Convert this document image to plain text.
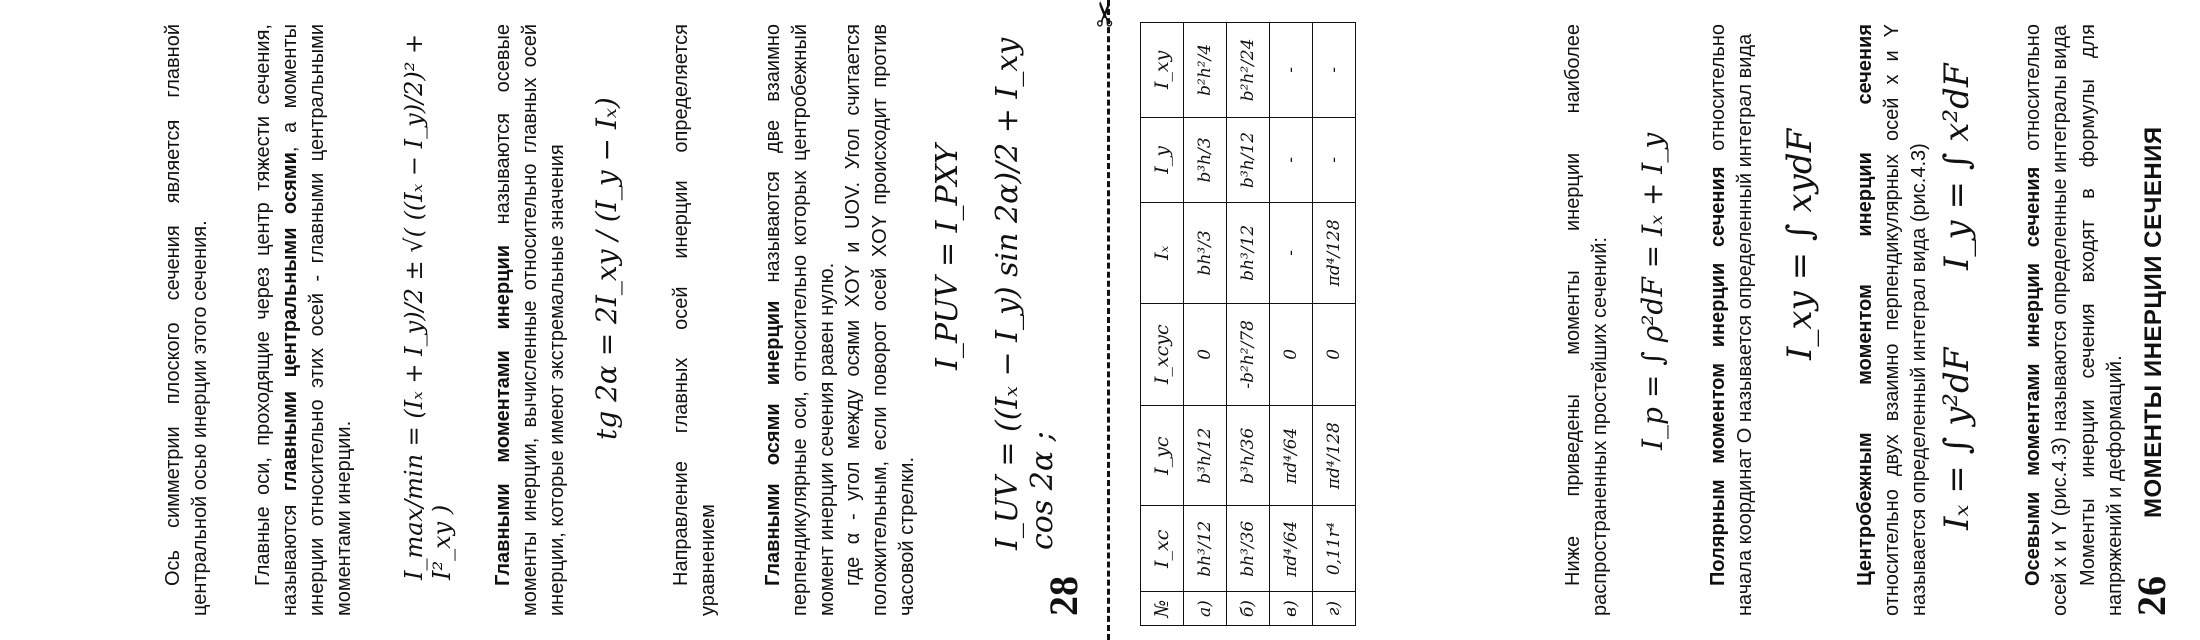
26
МОМЕНТЫ ИНЕРЦИИ СЕЧЕНИЯ
Моменты инерции сечения входят в формулы для напряжений и деформаций.
Осевыми моментами инерции сечения относительно осей x и Y (рис.4.3) называются определенные интегралы вида
Iₓ = ∫ y²dF
I_y = ∫ x²dF
Центробежным моментом инерции сечения относительно двух взаимно перпендикулярных осей x и Y называется определенный интеграл вида (рис.4.3)
I_xy = ∫ xydF
Полярным моментом инерции сечения относительно начала координат O называется определенный интеграл вида
I_p = ∫ ρ²dF = Iₓ + I_y
Ниже приведены моменты инерции наиболее распространенных простейших сечений:
№	I_xc	I_yc	I_xcyc	Iₓ	I_y	I_xy
а)	bh³/12	b³h/12	0	bh³/3	b³h/3	b²h²/4
б)	bh³/36	b³h/36	-b²h²/78	bh³/12	b³h/12	b²h²/24
в)	πd⁴/64	πd⁴/64	0	-	-	-
г)	0,11r⁴	πd⁴/128	0	πd⁴/128	-	-
✂
28
I_UV = ((Iₓ − I_y) sin 2α)/2 + I_xy cos 2α ;
I_PUV = I_PXY
где α - угол между осями XOY и UOV. Угол считается положительным, если поворот осей XOY происходит против часовой стрелки.
Главными осями инерции называются две взаимно перпендикулярные оси, относительно которых центробежный момент инерции сечения равен нулю.
Направление главных осей инерции определяется уравнением
tg 2α = 2I_xy / (I_y − Iₓ)
Главными моментами инерции называются осевые моменты инерции, вычисленные относительно главных осей инерции, которые имеют экстремальные значения
I_max/min = (Iₓ + I_y)/2 ± √( ((Iₓ − I_y)/2)² + I²_xy )
Главные оси, проходящие через центр тяжести сечения, называются главными центральными осями, а моменты инерции относительно этих осей - главными центральными моментами инерции.
Ось симметрии плоского сечения является главной центральной осью инерции этого сечения.
